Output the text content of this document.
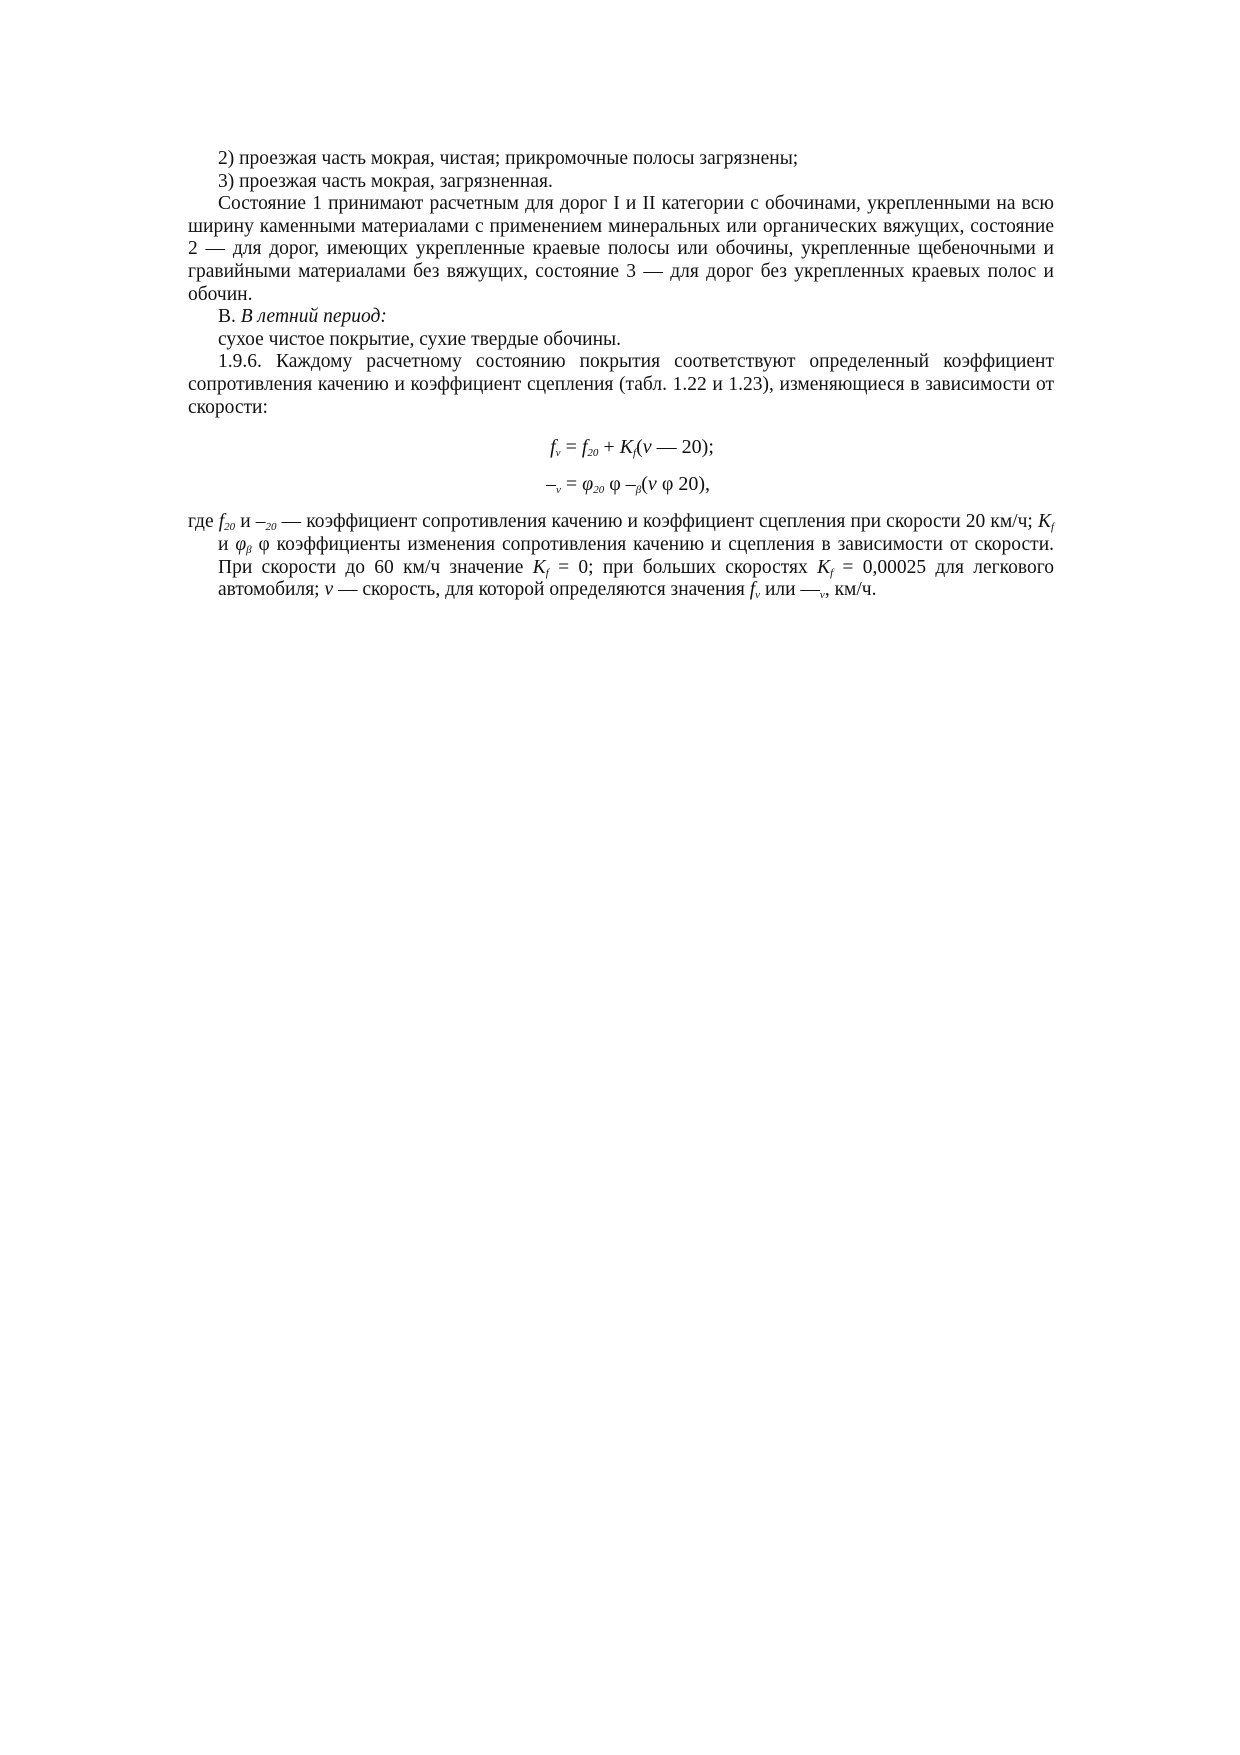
2) проезжая часть мокрая, чистая; прикромочные полосы загрязнены;

3) проезжая часть мокрая, загрязненная.

Состояние 1 принимают расчетным для дорог I и II категории с обочинами, укрепленными на всю ширину каменными материалами с применением минеральных или органических вяжущих, состояние 2 — для дорог, имеющих укрепленные краевые полосы или обочины, укрепленные щебеночными и гравийными материалами без вяжущих, состояние 3 — для дорог без укрепленных краевых полос и обочин.

В. В летний период:

сухое чистое покрытие, сухие твердые обочины.

1.9.6. Каждому расчетному состоянию покрытия соответствуют определенный коэффициент сопротивления качению и коэффициент сцепления (табл. 1.22 и 1.23), изменяющиеся в зависимости от скорости:

$f_v = f_{20} + K_f(v$ — 20);

$-_v = \varphi_{20}$ φ $-_\beta(v$ φ 20),

где $f_{20}$ и $-_{20}$ — коэффициент сопротивления качению и коэффициент сцепления при скорости 20 км/ч; $K_f$ и $\varphi_\beta$ φ коэффициенты изменения сопротивления качению и сцепления в зависимости от скорости. При скорости до 60 км/ч значение $K_f = 0$; при больших скоростях $K_f = 0,00025$ для легкового автомобиля; v — скорость, для которой определяются значения $f_v$ или $—_v$, км/ч.
